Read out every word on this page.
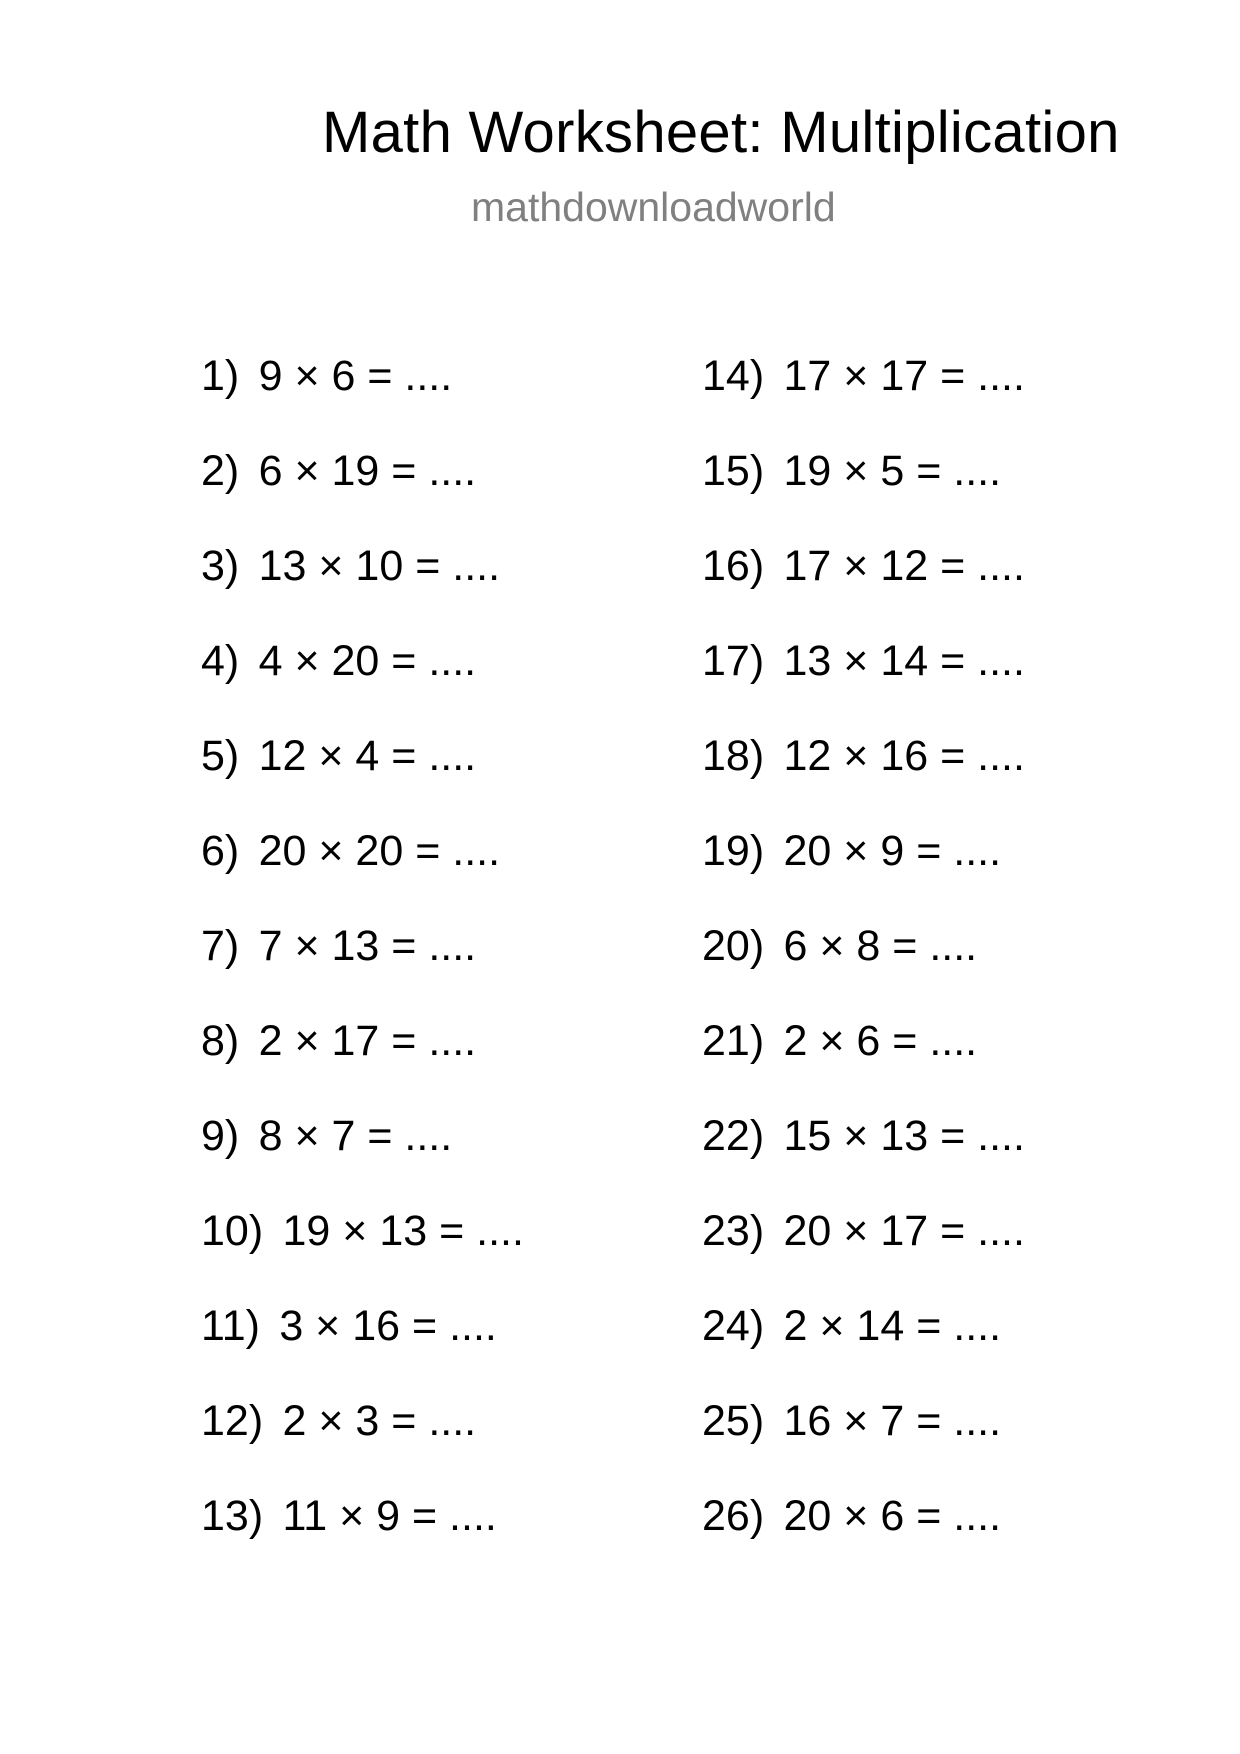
Math Worksheet: Multiplication
mathdownloadworld
1) 9 × 6 = ....
2) 6 × 19 = ....
3) 13 × 10 = ....
4) 4 × 20 = ....
5) 12 × 4 = ....
6) 20 × 20 = ....
7) 7 × 13 = ....
8) 2 × 17 = ....
9) 8 × 7 = ....
10) 19 × 13 = ....
11) 3 × 16 = ....
12) 2 × 3 = ....
13) 11 × 9 = ....
14) 17 × 17 = ....
15) 19 × 5 = ....
16) 17 × 12 = ....
17) 13 × 14 = ....
18) 12 × 16 = ....
19) 20 × 9 = ....
20) 6 × 8 = ....
21) 2 × 6 = ....
22) 15 × 13 = ....
23) 20 × 17 = ....
24) 2 × 14 = ....
25) 16 × 7 = ....
26) 20 × 6 = ....
